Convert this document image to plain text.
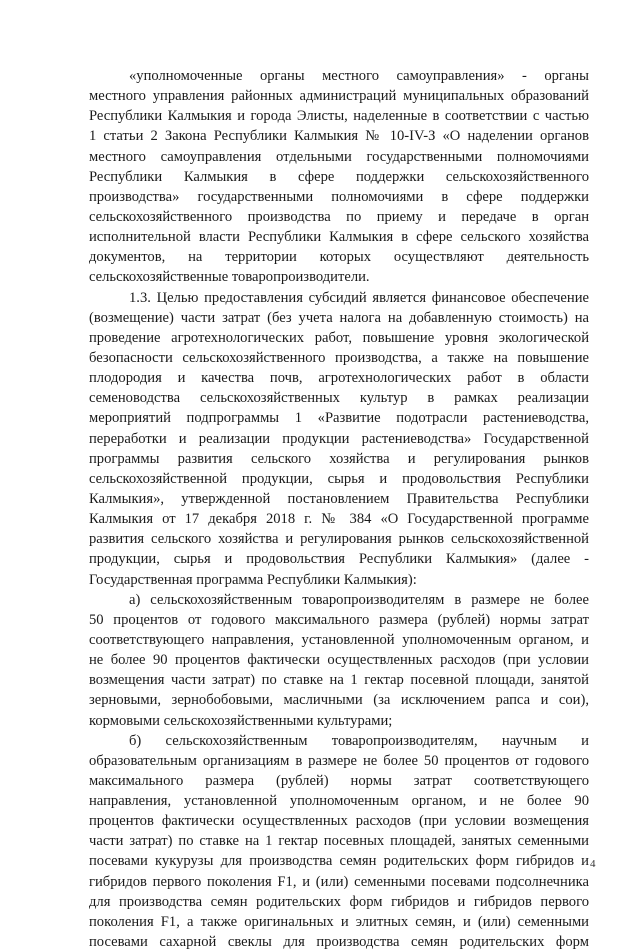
«уполномоченные органы местного самоуправления» - органы
местного управления районных администраций муниципальных образований
Республики Калмыкия и города Элисты, наделенные в соответствии с частью
1 статьи 2 Закона Республики Калмыкия № 10-IV-З «О наделении органов
местного самоуправления отдельными государственными полномочиями
Республики Калмыкия в сфере поддержки сельскохозяйственного
производства» государственными полномочиями в сфере поддержки
сельскохозяйственного производства по приему и передаче в орган
исполнительной власти Республики Калмыкия в сфере сельского хозяйства
документов, на территории которых осуществляют деятельность
сельскохозяйственные товаропроизводители.
1.3. Целью предоставления субсидий является финансовое обеспечение
(возмещение) части затрат (без учета налога на добавленную стоимость) на
проведение агротехнологических работ, повышение уровня экологической
безопасности сельскохозяйственного производства, а также на повышение
плодородия и качества почв, агротехнологических работ в области
семеноводства сельскохозяйственных культур в рамках реализации
мероприятий подпрограммы 1 «Развитие подотрасли растениеводства,
переработки и реализации продукции растениеводства» Государственной
программы развития сельского хозяйства и регулирования рынков
сельскохозяйственной продукции, сырья и продовольствия Республики
Калмыкия», утвержденной постановлением Правительства Республики
Калмыкия от 17 декабря 2018 г. № 384 «О Государственной программе
развития сельского хозяйства и регулирования рынков сельскохозяйственной
продукции, сырья и продовольствия Республики Калмыкия» (далее -
Государственная программа Республики Калмыкия):
а) сельскохозяйственным товаропроизводителям в размере не более
50 процентов от годового максимального размера (рублей) нормы затрат
соответствующего направления, установленной уполномоченным органом, и
не более 90 процентов фактически осуществленных расходов (при условии
возмещения части затрат) по ставке на 1 гектар посевной площади, занятой
зерновыми, зернобобовыми, масличными (за исключением рапса и сои),
кормовыми сельскохозяйственными культурами;
б) сельскохозяйственным товаропроизводителям, научным и
образовательным организациям в размере не более 50 процентов от годового
максимального размера (рублей) нормы затрат соответствующего
направления, установленной уполномоченным органом, и не более 90
процентов фактически осуществленных расходов (при условии возмещения
части затрат) по ставке на 1 гектар посевных площадей, занятых семенными
посевами кукурузы для производства семян родительских форм гибридов и
гибридов первого поколения F1, и (или) семенными посевами подсолнечника
для производства семян родительских форм гибридов и гибридов первого
поколения F1, а также оригинальных и элитных семян, и (или) семенными
посевами сахарной свеклы для производства семян родительских форм
4
